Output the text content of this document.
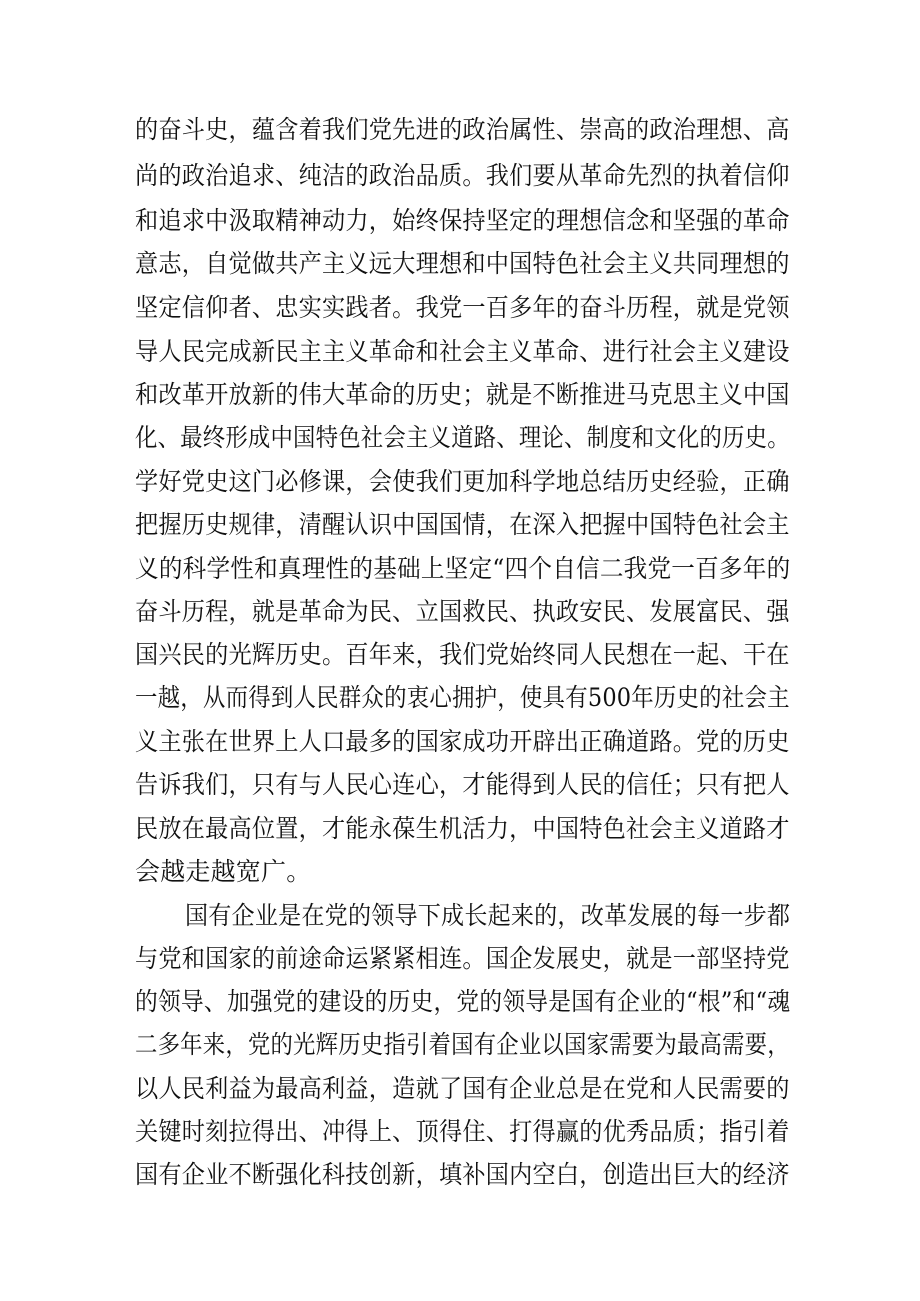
的奋斗史，蕴含着我们党先进的政治属性、崇高的政治理想、高
尚的政治追求、纯洁的政治品质。我们要从革命先烈的执着信仰
和追求中汲取精神动力，始终保持坚定的理想信念和坚强的革命
意志，自觉做共产主义远大理想和中国特色社会主义共同理想的
坚定信仰者、忠实实践者。我党一百多年的奋斗历程，就是党领
导人民完成新民主主义革命和社会主义革命、进行社会主义建设
和改革开放新的伟大革命的历史；就是不断推进马克思主义中国
化、最终形成中国特色社会主义道路、理论、制度和文化的历史。
学好党史这门必修课，会使我们更加科学地总结历史经验，正确
把握历史规律，清醒认识中国国情，在深入把握中国特色社会主
义的科学性和真理性的基础上坚定“四个自信二我党一百多年的
奋斗历程，就是革命为民、立国救民、执政安民、发展富民、强
国兴民的光辉历史。百年来，我们党始终同人民想在一起、干在
一越，从而得到人民群众的衷心拥护，使具有500年历史的社会主
义主张在世界上人口最多的国家成功开辟出正确道路。党的历史
告诉我们，只有与人民心连心，才能得到人民的信任；只有把人
民放在最高位置，才能永葆生机活力，中国特色社会主义道路才
会越走越宽广。
国有企业是在党的领导下成长起来的，改革发展的每一步都
与党和国家的前途命运紧紧相连。国企发展史，就是一部坚持党
的领导、加强党的建设的历史，党的领导是国有企业的“根”和“魂
二多年来，党的光辉历史指引着国有企业以国家需要为最高需要，
以人民利益为最高利益，造就了国有企业总是在党和人民需要的
关键时刻拉得出、冲得上、顶得住、打得赢的优秀品质；指引着
国有企业不断强化科技创新，填补国内空白，创造出巨大的经济
